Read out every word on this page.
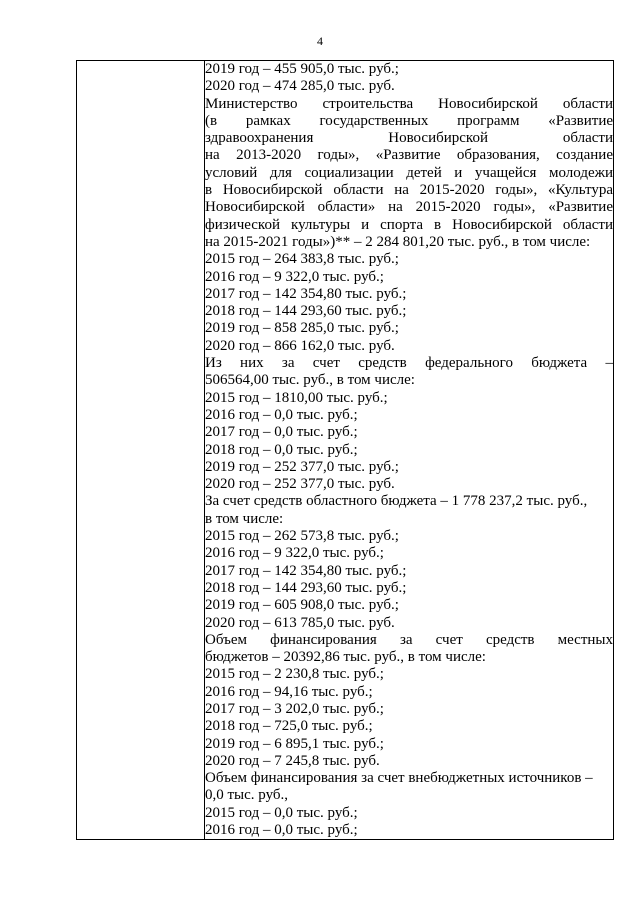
4

2019 год – 455 905,0 тыс. руб.;
2020 год – 474 285,0 тыс. руб.
Министерство строительства Новосибирской области
(в рамках государственных программ «Развитие
здравоохранения Новосибирской области
на 2013-2020 годы», «Развитие образования, создание
условий для социализации детей и учащейся молодежи
в Новосибирской области на 2015-2020 годы», «Культура
Новосибирской области» на 2015-2020 годы», «Развитие
физической культуры и спорта в Новосибирской области
на 2015-2021 годы»)** – 2 284 801,20 тыс. руб., в том числе:
2015 год – 264 383,8 тыс. руб.;
2016 год – 9 322,0 тыс. руб.;
2017 год – 142 354,80 тыс. руб.;
2018 год – 144 293,60 тыс. руб.;
2019 год – 858 285,0 тыс. руб.;
2020 год – 866 162,0 тыс. руб.
Из них за счет средств федерального бюджета –
506564,00 тыс. руб., в том числе:
2015 год – 1810,00 тыс. руб.;
2016 год – 0,0 тыс. руб.;
2017 год – 0,0 тыс. руб.;
2018 год – 0,0 тыс. руб.;
2019 год – 252 377,0 тыс. руб.;
2020 год – 252 377,0 тыс. руб.
За счет средств областного бюджета – 1 778 237,2 тыс. руб.,
в том числе:
2015 год – 262 573,8 тыс. руб.;
2016 год – 9 322,0 тыс. руб.;
2017 год – 142 354,80 тыс. руб.;
2018 год – 144 293,60 тыс. руб.;
2019 год – 605 908,0 тыс. руб.;
2020 год – 613 785,0 тыс. руб.
Объем финансирования за счет средств местных
бюджетов – 20392,86 тыс. руб., в том числе:
2015 год – 2 230,8 тыс. руб.;
2016 год – 94,16 тыс. руб.;
2017 год – 3 202,0 тыс. руб.;
2018 год – 725,0 тыс. руб.;
2019 год – 6 895,1 тыс. руб.;
2020 год – 7 245,8 тыс. руб.
Объем финансирования за счет внебюджетных источников –
0,0 тыс. руб.,
2015 год – 0,0 тыс. руб.;
2016 год – 0,0 тыс. руб.;
